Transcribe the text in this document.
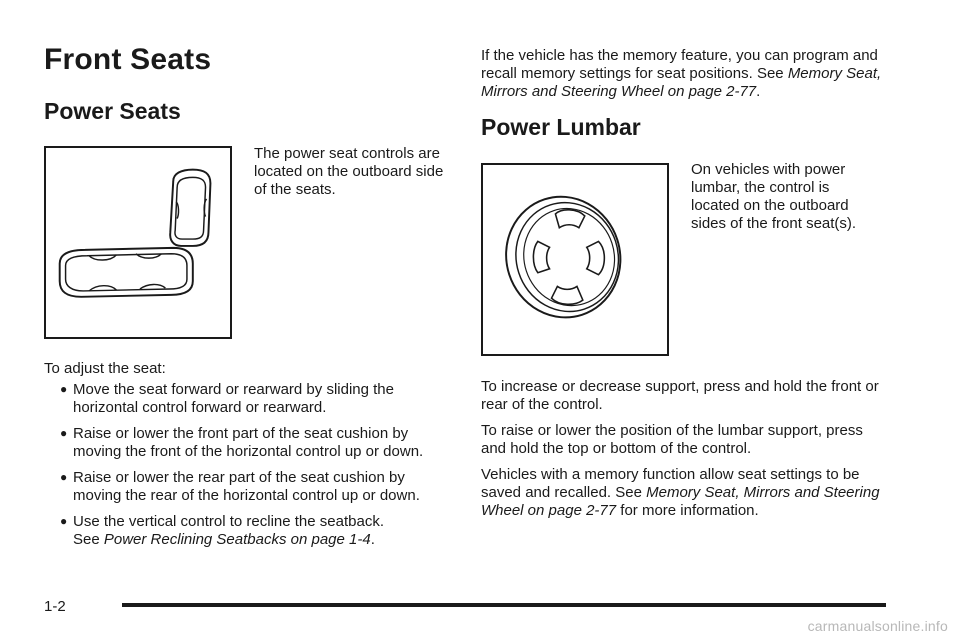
Front Seats
Power Seats
The power seat controls are located on the outboard side of the seats.
To adjust the seat:
● Move the seat forward or rearward by sliding the horizontal control forward or rearward.
● Raise or lower the front part of the seat cushion by moving the front of the horizontal control up or down.
● Raise or lower the rear part of the seat cushion by moving the rear of the horizontal control up or down.
● Use the vertical control to recline the seatback.
See Power Reclining Seatbacks on page 1-4.
If the vehicle has the memory feature, you can program and recall memory settings for seat positions. See Memory Seat, Mirrors and Steering Wheel on page 2-77.
Power Lumbar
On vehicles with power lumbar, the control is located on the outboard sides of the front seat(s).

To increase or decrease support, press and hold the front or rear of the control.

To raise or lower the position of the lumbar support, press and hold the top or bottom of the control.

Vehicles with a memory function allow seat settings to be saved and recalled. See Memory Seat, Mirrors and Steering Wheel on page 2-77 for more information.

1-2
carmanualsonline.info
